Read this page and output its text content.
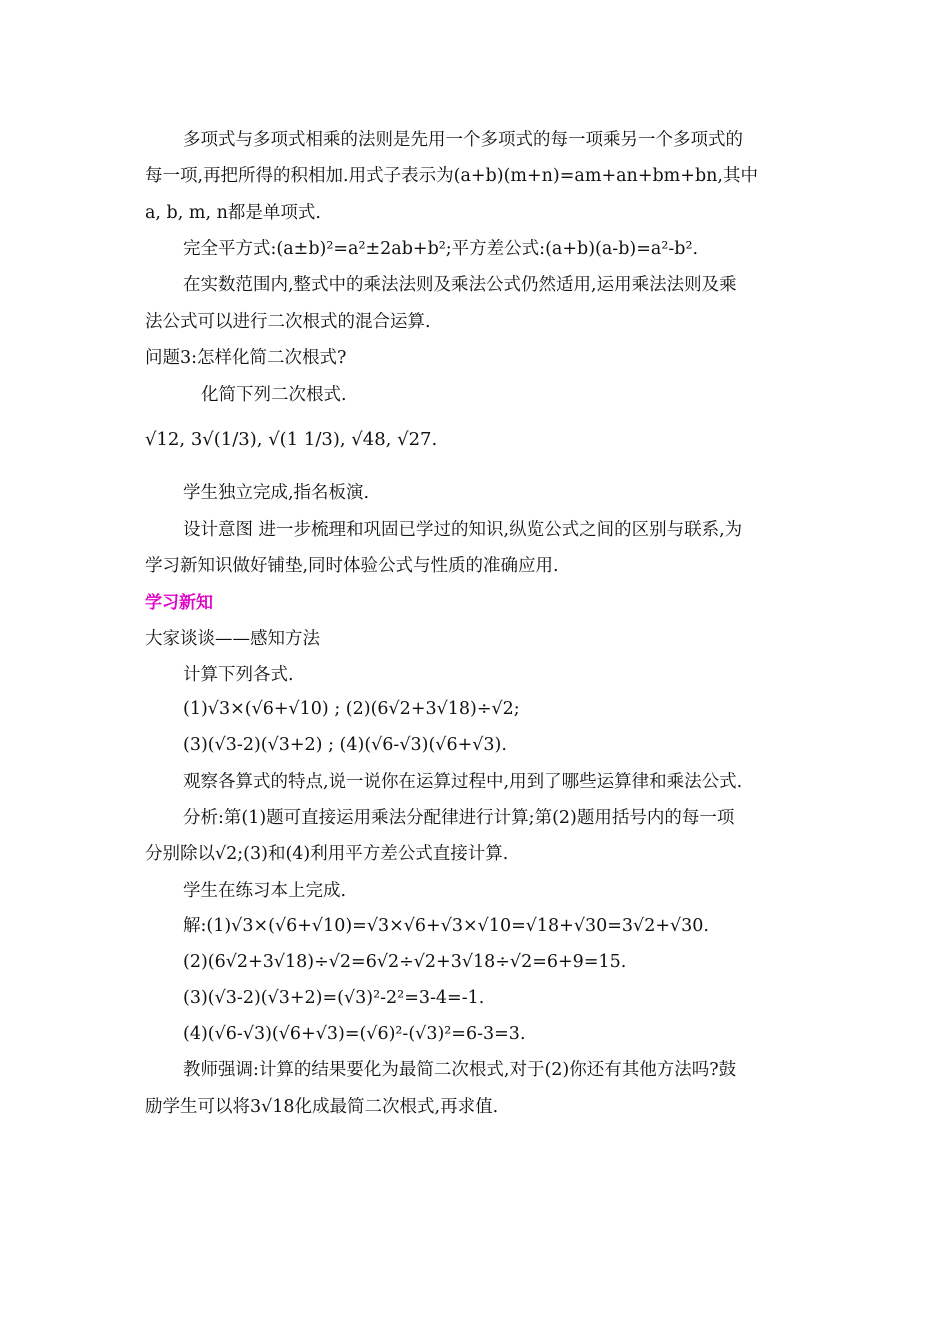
多项式与多项式相乘的法则是先用一个多项式的每一项乘另一个多项式的
每一项,再把所得的积相加.用式子表示为(a+b)(m+n)=am+an+bm+bn,其中
a, b, m, n都是单项式.
完全平方式:(a±b)²=a²±2ab+b²;平方差公式:(a+b)(a-b)=a²-b².
在实数范围内,整式中的乘法法则及乘法公式仍然适用,运用乘法法则及乘
法公式可以进行二次根式的混合运算.
问题3:怎样化简二次根式?
化简下列二次根式.
√12, 3√(1/3), √(1 1/3), √48, √27.
学生独立完成,指名板演.
设计意图 进一步梳理和巩固已学过的知识,纵览公式之间的区别与联系,为
学习新知识做好铺垫,同时体验公式与性质的准确应用.
学习新知
大家谈谈——感知方法
计算下列各式.
(1)√3×(√6+√10) ; (2)(6√2+3√18)÷√2;
(3)(√3-2)(√3+2) ; (4)(√6-√3)(√6+√3).
观察各算式的特点,说一说你在运算过程中,用到了哪些运算律和乘法公式.
分析:第(1)题可直接运用乘法分配律进行计算;第(2)题用括号内的每一项
分别除以√2;(3)和(4)利用平方差公式直接计算.
学生在练习本上完成.
解:(1)√3×(√6+√10)=√3×√6+√3×√10=√18+√30=3√2+√30.
(2)(6√2+3√18)÷√2=6√2÷√2+3√18÷√2=6+9=15.
(3)(√3-2)(√3+2)=(√3)²-2²=3-4=-1.
(4)(√6-√3)(√6+√3)=(√6)²-(√3)²=6-3=3.
教师强调:计算的结果要化为最简二次根式,对于(2)你还有其他方法吗?鼓
励学生可以将3√18化成最简二次根式,再求值.
